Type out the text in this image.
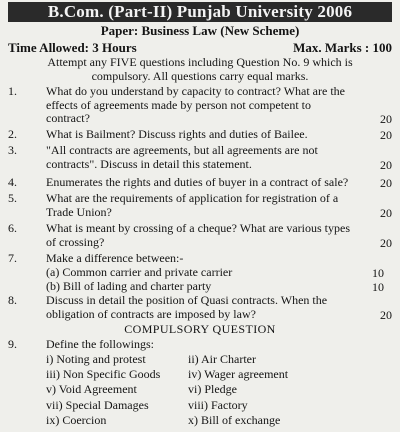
B.Com. (Part-II) Punjab University 2006
Paper: Business Law (New Scheme)
Time Allowed: 3 Hours	Max. Marks : 100
Attempt any FIVE questions including Question No. 9 which is
compulsory. All questions carry equal marks.
1.	What do you understand by capacity to contract? What are the
effects of agreements made by person not competent to
contract?	20
2.	What is Bailment? Discuss rights and duties of Bailee.	20
3.	"All contracts are agreements, but all agreements are not
contracts". Discuss in detail this statement.	20
4.	Enumerates the rights and duties of buyer in a contract of sale?	20
5.	What are the requirements of application for registration of a
Trade Union?	20
6.	What is meant by crossing of a cheque? What are various types
of crossing?	20
7.	Make a difference between:-
(a) Common carrier and private carrier	10
(b) Bill of lading and charter party	10
8.	Discuss in detail the position of Quasi contracts. When the
obligation of contracts are imposed by law?	20
COMPULSORY QUESTION
9.	Define the followings:
i) Noting and protest	ii) Air Charter
iii) Non Specific Goods iv) Wager agreement
v) Void Agreement	vi) Pledge
vii) Special Damages	viii) Factory
ix) Coercion	x) Bill of exchange
